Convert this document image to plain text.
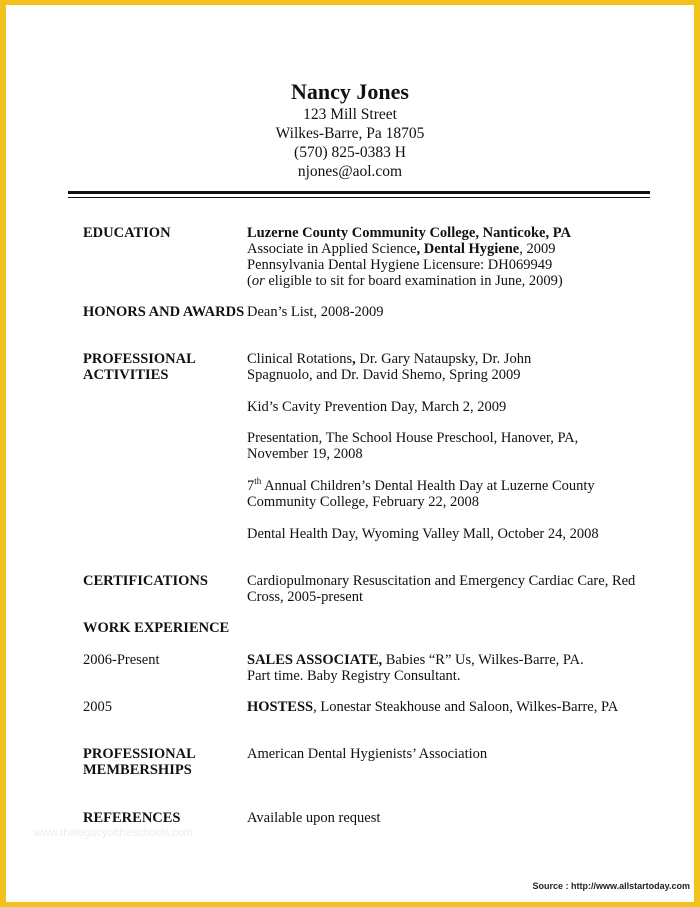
Nancy Jones
123 Mill Street
Wilkes-Barre, Pa 18705
(570) 825-0383 H
njones@aol.com
EDUCATION	Luzerne County Community College, Nanticoke, PA
Associate in Applied Science, Dental Hygiene, 2009
Pennsylvania Dental Hygiene Licensure: DH069949
(or eligible to sit for board examination in June, 2009)
HONORS AND AWARDS Dean’s List, 2008-2009
PROFESSIONAL
ACTIVITIES
Clinical Rotations, Dr. Gary Nataupsky, Dr. John
Spagnuolo, and Dr. David Shemo, Spring 2009
Kid’s Cavity Prevention Day, March 2, 2009
Presentation, The School House Preschool, Hanover, PA,
November 19, 2008
7th Annual Children’s Dental Health Day at Luzerne County
Community College, February 22, 2008
Dental Health Day, Wyoming Valley Mall, October 24, 2008
CERTIFICATIONS	Cardiopulmonary Resuscitation and Emergency Cardiac Care, Red
Cross, 2005-present
WORK EXPERIENCE
2006-Present	SALES ASSOCIATE, Babies “R” Us, Wilkes-Barre, PA.
Part time. Baby Registry Consultant.
2005	HOSTESS, Lonestar Steakhouse and Saloon, Wilkes-Barre, PA
PROFESSIONAL
MEMBERSHIPS
American Dental Hygienists’ Association
REFERENCES	Available upon request
www.thelegacyoftheschools.com
Source : http://www.allstartoday.com
